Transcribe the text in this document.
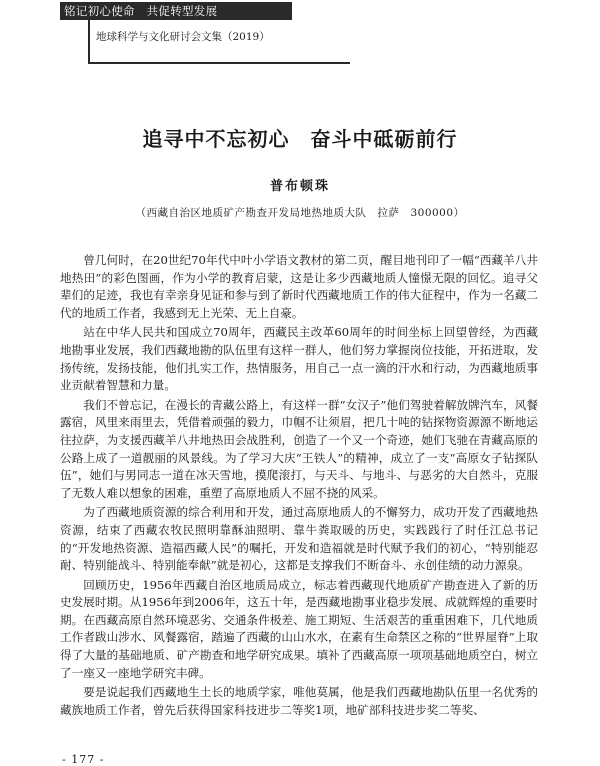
铭记初心使命　共促转型发展
地球科学与文化研讨会文集（2019）
追寻中不忘初心　奋斗中砥砺前行
普布顿珠
（西藏自治区地质矿产勘查开发局地热地质大队　拉萨　300000）

曾几何时，在20世纪70年代中叶小学语文教材的第二页，醒目地刊印了一幅“西藏羊八井地热田”的彩色图画，作为小学的教育启蒙，这是让多少西藏地质人憧憬无限的回忆。追寻父辈们的足迹，我也有幸亲身见证和参与到了新时代西藏地质工作的伟大征程中，作为一名藏二代的地质工作者，我感到无上光荣、无上自豪。

站在中华人民共和国成立70周年，西藏民主改革60周年的时间坐标上回望曾经，为西藏地勘事业发展，我们西藏地勘的队伍里有这样一群人，他们努力掌握岗位技能，开拓进取，发扬传统，发扬技能，他们扎实工作，热情服务，用自己一点一滴的汗水和行动，为西藏地质事业贡献着智慧和力量。

我们不曾忘记，在漫长的青藏公路上，有这样一群“女汉子”他们驾驶着解放牌汽车，风餐露宿，风里来雨里去，凭借着顽强的毅力，巾帼不让须眉，把几十吨的钻探物资源源不断地运往拉萨，为支援西藏羊八井地热田会战胜利，创造了一个又一个奇迹，她们飞驰在青藏高原的公路上成了一道靓丽的风景线。为了学习大庆“王铁人”的精神，成立了一支“高原女子钻探队伍”，她们与男同志一道在冰天雪地，摸爬滚打，与天斗、与地斗、与恶劣的大自然斗，克服了无数人难以想象的困难，重塑了高原地质人不屈不挠的风采。

为了西藏地质资源的综合利用和开发，通过高原地质人的不懈努力，成功开发了西藏地热资源，结束了西藏农牧民照明靠酥油照明、靠牛粪取暖的历史，实践践行了时任江总书记的“开发地热资源、造福西藏人民”的嘱托，开发和造福就是时代赋予我们的初心，“特别能忍耐、特别能战斗、特别能奉献”就是初心，这都是支撑我们不断奋斗、永创佳绩的动力源泉。

回顾历史，1956年西藏自治区地质局成立，标志着西藏现代地质矿产勘查进入了新的历史发展时期。从1956年到2006年，这五十年，是西藏地勘事业稳步发展、成就辉煌的重要时期。在西藏高原自然环境恶劣、交通条件极差、施工期短、生活艰苦的重重困难下，几代地质工作者跋山涉水、风餐露宿，踏遍了西藏的山山水水，在素有生命禁区之称的“世界屋脊”上取得了大量的基础地质、矿产勘查和地学研究成果。填补了西藏高原一项项基础地质空白，树立了一座又一座地学研究丰碑。

要是说起我们西藏地生土长的地质学家，唯他莫属，他是我们西藏地勘队伍里一名优秀的藏族地质工作者，曾先后获得国家科技进步二等奖1项，地矿部科技进步奖二等奖、

- 177 -
